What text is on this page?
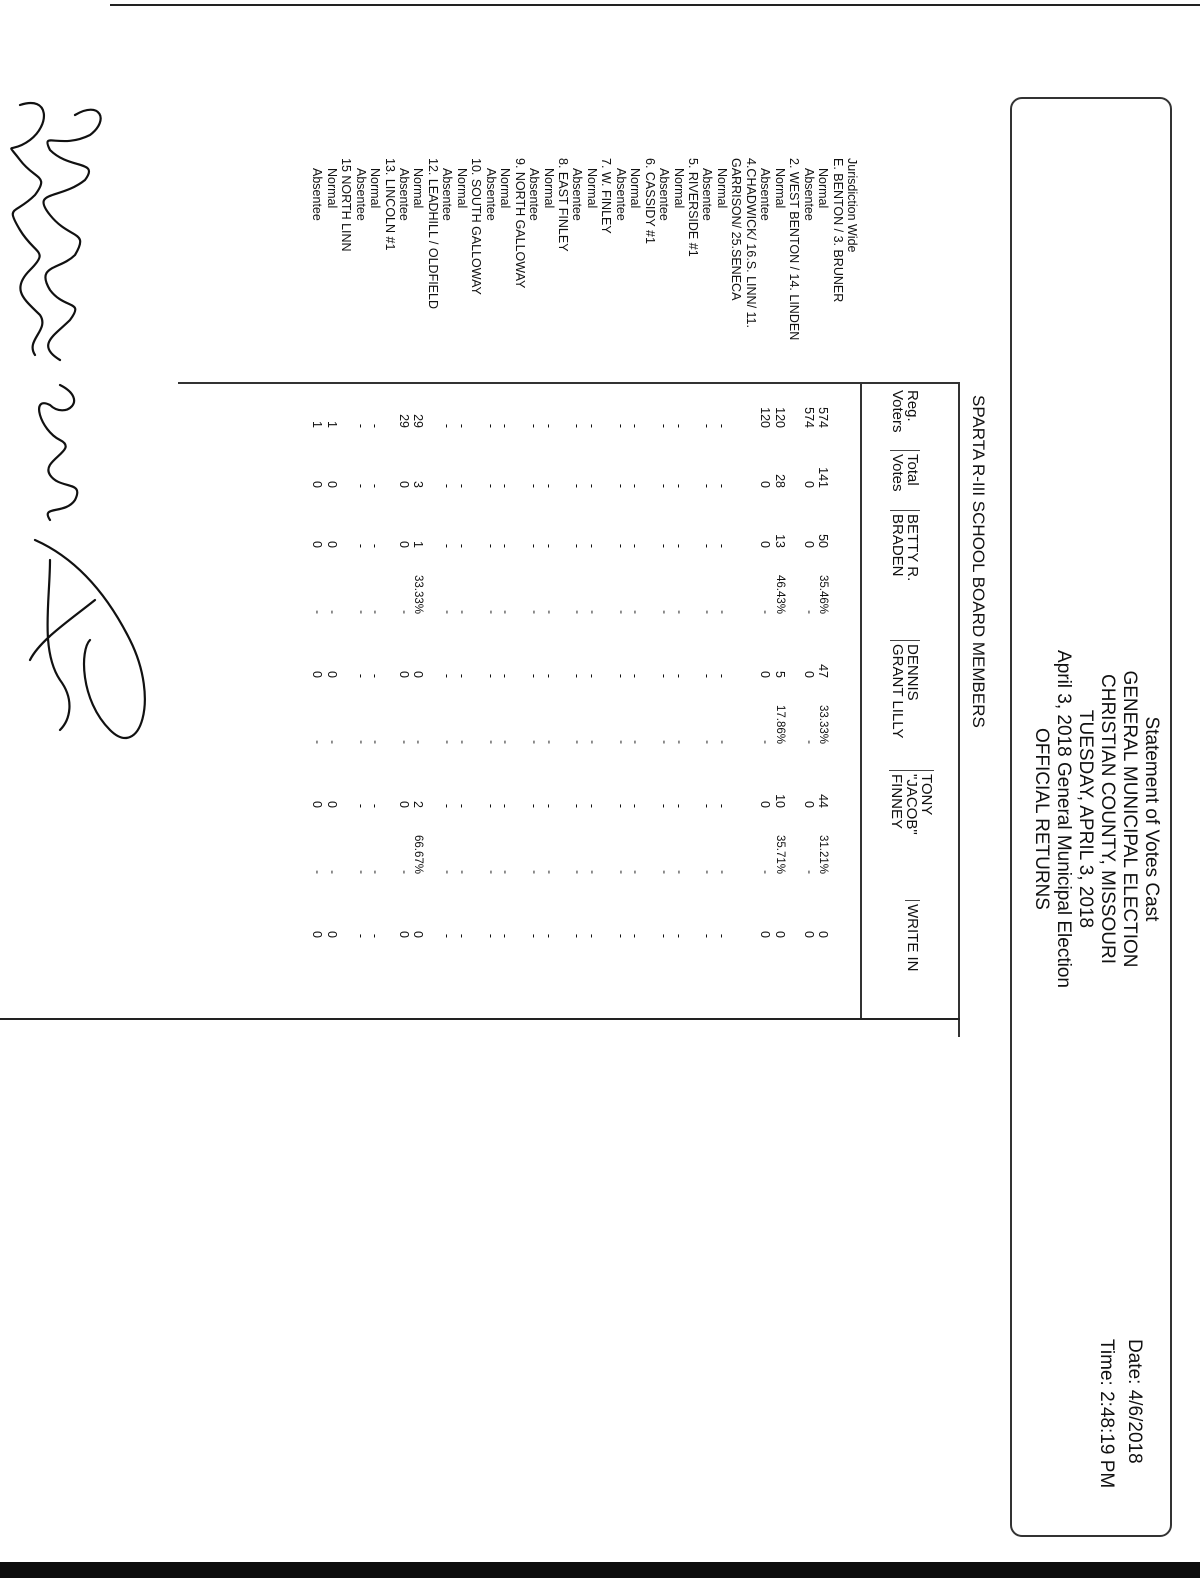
Statement of Votes Cast
GENERAL MUNICIPAL ELECTION
CHRISTIAN COUNTY, MISSOURI
TUESDAY, APRIL 3, 2018
April 3, 2018 General Municipal Election
OFFICIAL RETURNS
Date: 4/6/2018
Time: 2:48:19 PM
SPARTA R-III SCHOOL BOARD MEMBERS
Reg.
Voters
Total
Votes
BETTY R.
BRADEN
DENNIS
GRANT LILLY
TONY
"JACOB"
FINNEY
WRITE IN
Jurisdiction Wide
E. BENTON / 3. BRUNER
Normal
574
141
50
35.46%
47
33.33%
44
31.21%
0
Absentee
574
0
0
-
0
-
0
-
0
2. WEST BENTON / 14. LINDEN
Normal
120
28
13
46.43%
5
17.86%
10
35.71%
0
Absentee
120
0
0
-
0
-
0
-
0
4.CHADWICK/ 16.S. LINN/ 11.
GARRISON/ 25.SENECA
Normal
-
-
-
-
-
-
-
-
-
Absentee
-
-
-
-
-
-
-
-
-
5. RIVERSIDE #1
Normal
-
-
-
-
-
-
-
-
-
Absentee
-
-
-
-
-
-
-
-
-
6. CASSIDY #1
Normal
-
-
-
-
-
-
-
-
-
Absentee
-
-
-
-
-
-
-
-
-
7. W. FINLEY
Normal
-
-
-
-
-
-
-
-
-
Absentee
-
-
-
-
-
-
-
-
-
8. EAST FINLEY
Normal
-
-
-
-
-
-
-
-
-
Absentee
-
-
-
-
-
-
-
-
-
9. NORTH GALLOWAY
Normal
-
-
-
-
-
-
-
-
-
Absentee
-
-
-
-
-
-
-
-
-
10. SOUTH GALLOWAY
Normal
-
-
-
-
-
-
-
-
-
Absentee
-
-
-
-
-
-
-
-
-
12. LEADHILL / OLDFIELD
Normal
29
3
1
33.33%
0
-
2
66.67%
0
Absentee
29
0
0
-
0
-
0
-
0
13. LINCOLN #1
Normal
-
-
-
-
-
-
-
-
-
Absentee
-
-
-
-
-
-
-
-
-
15 NORTH LINN
Normal
1
0
0
-
0
-
0
-
0
Absentee
1
0
0
-
0
-
0
-
0
